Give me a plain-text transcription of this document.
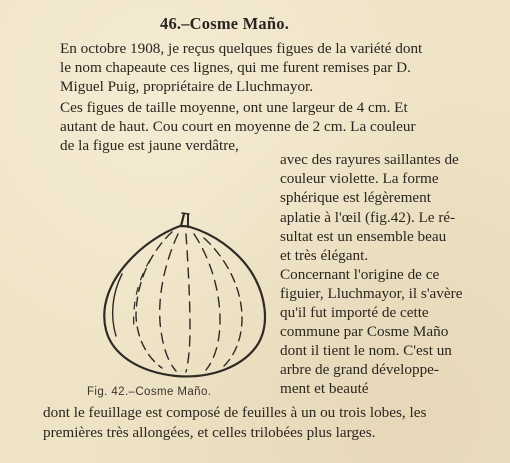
46.–Cosme Maño.
En octobre 1908, je reçus quelques figues de la variété dont
le nom chapeaute ces lignes, qui me furent remises par D.
Miguel Puig, propriétaire de Lluchmayor.
Ces figues de taille moyenne, ont une largeur de 4 cm. Et
autant de haut. Cou court en moyenne de 2 cm. La couleur
de la figue est jaune verdâtre,
avec des rayures saillantes de
couleur violette. La forme
sphérique est légèrement
aplatie à l'œil (fig.42). Le ré-
sultat est un ensemble beau
et très élégant.
Concernant l'origine de ce
figuier, Lluchmayor, il s'avère
qu'il fut importé de cette
commune par Cosme Maño
dont il tient le nom. C'est un
arbre de grand développe-
ment et beauté
Fig. 42.–Cosme Maño.
dont le feuillage est composé de feuilles à un ou trois lobes, les
premières très allongées, et celles trilobées plus larges.
